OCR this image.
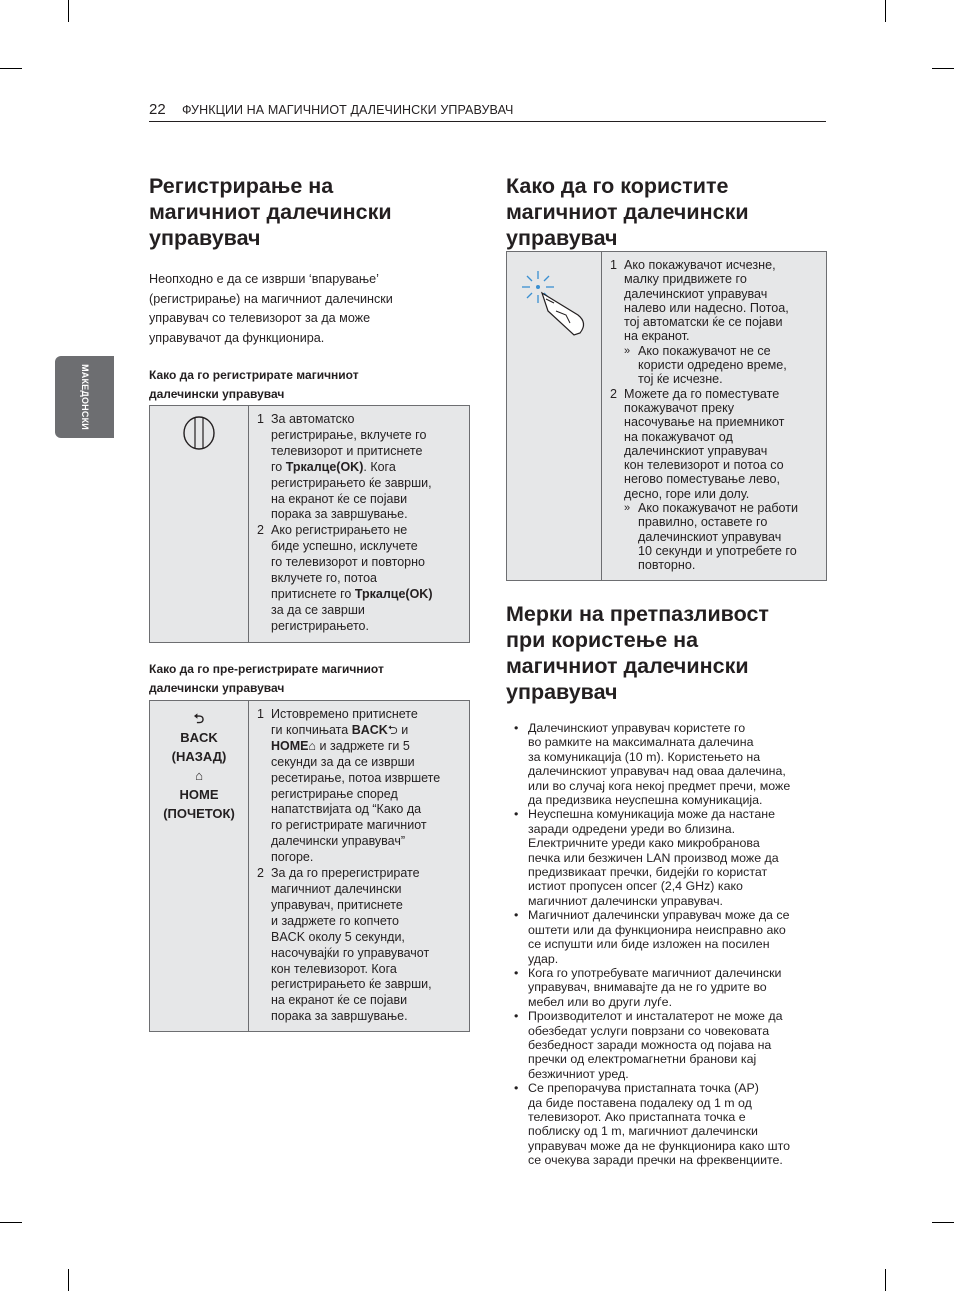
22 ФУНКЦИИ НА МАГИЧНИОТ ДАЛЕЧИНСКИ УПРАВУВАЧ
МАКЕДОНСКИ
Регистрирање на
магичниот далечински
управувач

Неопходно е да се изврши ‘впарување’
(регистрирање) на магичниот далечински
управувач со телевизорот за да може
управувачот да функционира.

Како да го регистрирате магичниот
далечински управувач

1 За автоматско
регистрирање, вклучете го
телевизорот и притиснете
го Тркалце(OK). Кога
регистрирањето ќе заврши,
на екранот ќе се појави
порака за завршување.
2 Ако регистрирањето не
биде успешно, исклучете
го телевизорот и повторно
вклучете го, потоа
притиснете го Тркалце(OK)
за да се заврши
регистрирањето.

Како да го пре-регистрирате магичниот
далечински управувач

⮌
BACK
(НАЗАД)
⌂
HOME
(ПОЧЕТОК)

1 Истовремено притиснете
ги копчињата BACK⮌ и
HOME⌂ и задржете ги 5
секунди за да се изврши
ресетирање, потоа извршете
регистрирање според
напатствијата од “Како да
го регистрирате магичниот
далечински управувач”
погоре.
2 За да го пререгистрирате
магичниот далечински
управувач, притиснете
и задржете го копчето
BACK околу 5 секунди,
насочувајќи го управувачот
кон телевизорот. Кога
регистрирањето ќе заврши,
на екранот ќе се појави
порака за завршување.
Како да го користите
магичниот далечински
управувач

1 Ако покажувачот исчезне,
малку придвижете го
далечинскиот управувач
налево или надесно. Потоа,
тој автоматски ќе се појави
на екранот.
» Ако покажувачот не се
користи одредено време,
тој ќе исчезне.
2 Можете да го поместувате
покажувачот преку
насочување на приемникот
на покажувачот од
далечинскиот управувач
кон телевизорот и потоа со
негово поместување лево,
десно, горе или долу.
» Ако покажувачот не работи
правилно, оставете го
далечинскиот управувач
10 секунди и употребете го
повторно.
Мерки на претпазливост
при користење на
магичниот далечински
управувач
• Далечинскиот управувач користете го
во рамките на максималната далечина
за комуникација (10 m). Користењето на
далечинскиот управувач над оваа далечина,
или во случај кога некој предмет пречи, може
да предизвика неуспешна комуникација.
• Неуспешна комуникација може да настане
заради одредени уреди во близина.
Електричните уреди како микробранова
печка или безжичен LAN производ може да
предизвикаат пречки, бидејќи го користат
истиот пропусен опсег (2,4 GHz) како
магичниот далечински управувач.
• Магичниот далечински управувач може да се
оштети или да функционира неисправно ако
се испушти или биде изложен на посилен
удар.
• Кога го употребувате магичниот далечински
управувач, внимавајте да не го удрите во
мебел или во други луѓе.
• Производителот и инсталатерот не може да
обезбедат услуги поврзани со човековата
безбедност заради можноста од појава на
пречки од електромагнетни бранови кај
безжичниот уред.
• Се препорачува пристапната точка (AP)
да биде поставена подалеку од 1 m од
телевизорот. Ако пристапната точка е
поблиску од 1 m, магичниот далечински
управувач може да не функционира како што
се очекува заради пречки на фреквенциите.
